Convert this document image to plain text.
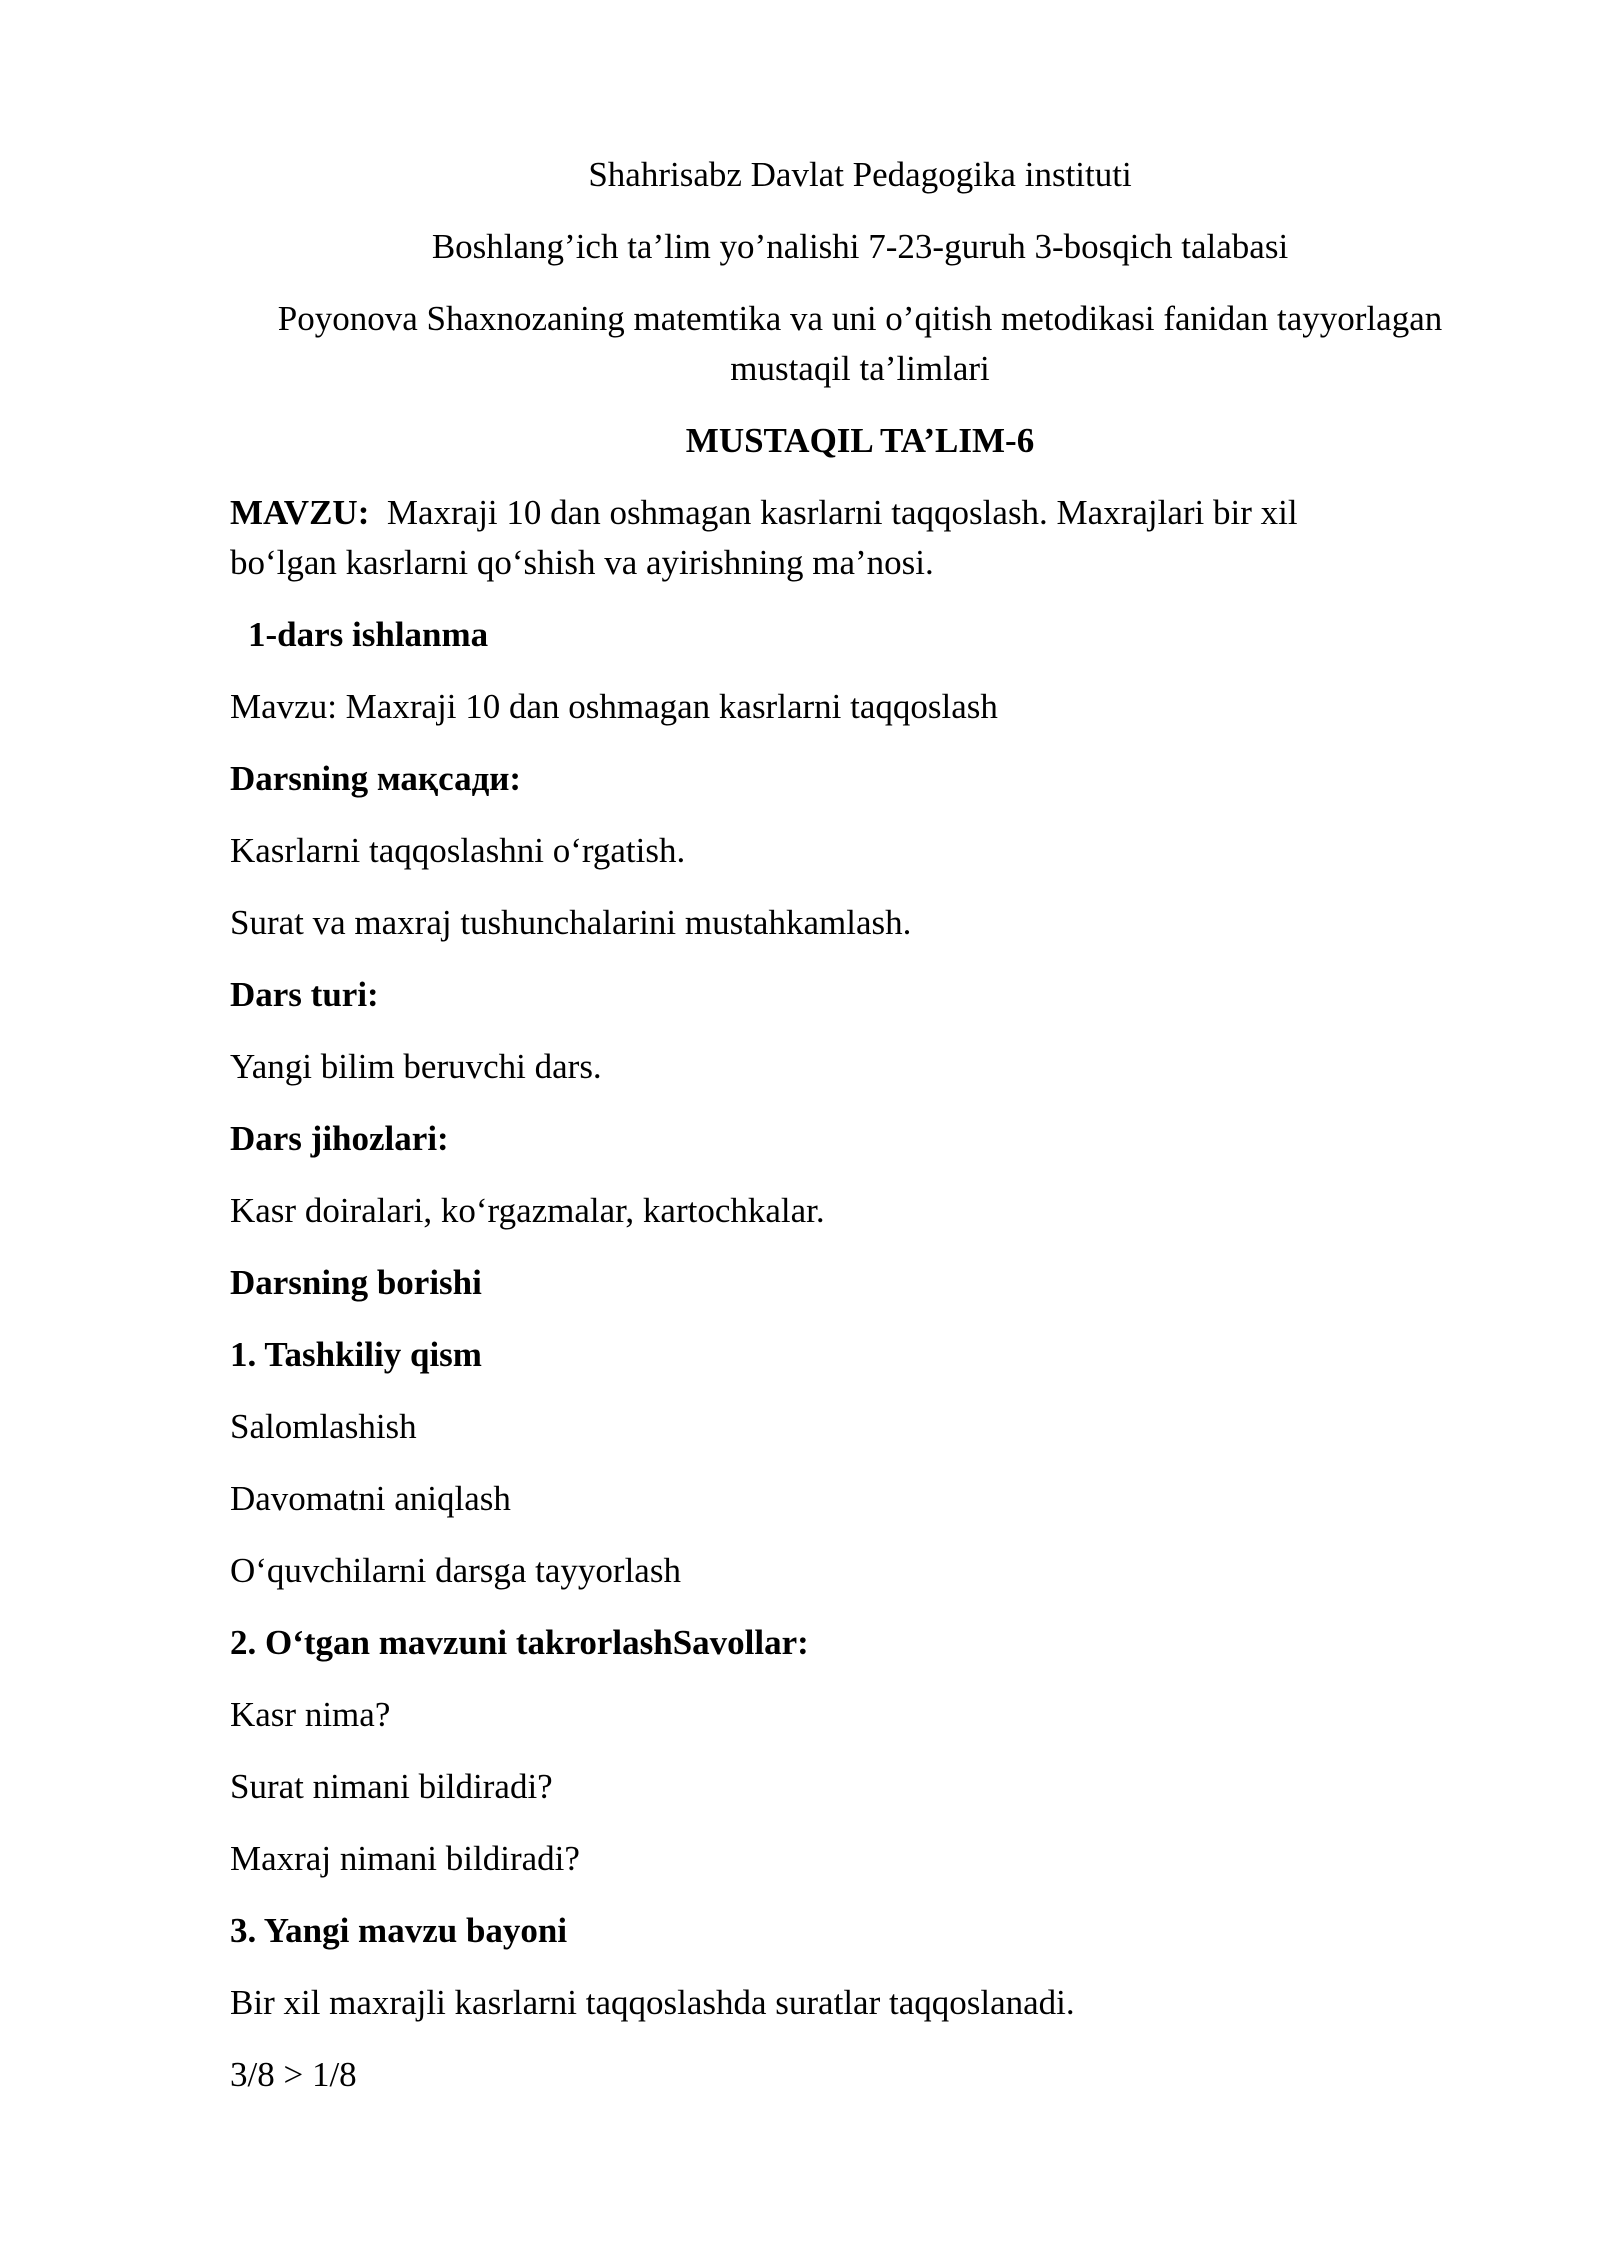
Shahrisabz Davlat Pedagogika instituti
Boshlang’ich ta’lim yo’nalishi 7-23-guruh 3-bosqich talabasi
Poyonova Shaxnozaning matemtika va uni o’qitish metodikasi fanidan tayyorlagan
mustaqil ta’limlari
MUSTAQIL TA’LIM-6
MAVZU: Maxraji 10 dan oshmagan kasrlarni taqqoslash. Maxrajlari bir xil
bo‘lgan kasrlarni qo‘shish va ayirishning ma’nosi.
1-dars ishlanma
Mavzu: Maxraji 10 dan oshmagan kasrlarni taqqoslash
Darsning мақсади:
Kasrlarni taqqoslashni o‘rgatish.
Surat va maxraj tushunchalarini mustahkamlash.
Dars turi:
Yangi bilim beruvchi dars.
Dars jihozlari:
Kasr doiralari, ko‘rgazmalar, kartochkalar.
Darsning borishi
1. Tashkiliy qism
Salomlashish
Davomatni aniqlash
O‘quvchilarni darsga tayyorlash
2. O‘tgan mavzuni takrorlashSavollar:
Kasr nima?
Surat nimani bildiradi?
Maxraj nimani bildiradi?
3. Yangi mavzu bayoni
Bir xil maxrajli kasrlarni taqqoslashda suratlar taqqoslanadi.
3/8 > 1/8
